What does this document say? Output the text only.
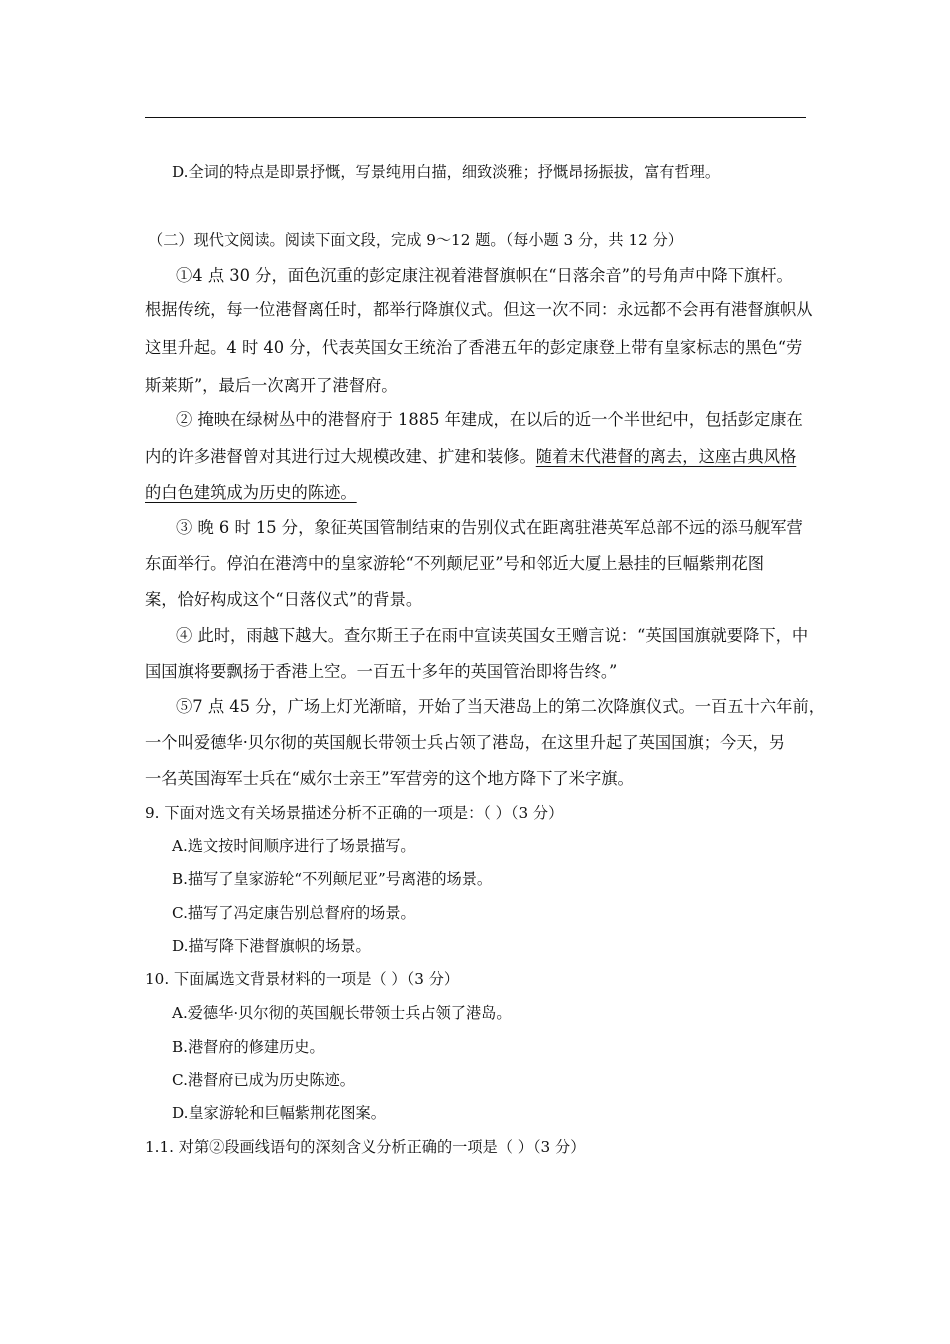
D.全词的特点是即景抒慨，写景纯用白描，细致淡雅；抒慨昂扬振拔，富有哲理。
（二）现代文阅读。阅读下面文段，完成 9～12 题。（每小题 3 分，共 12 分）
①4 点 30 分，面色沉重的彭定康注视着港督旗帜在“日落余音”的号角声中降下旗杆。
根据传统，每一位港督离任时，都举行降旗仪式。但这一次不同：永远都不会再有港督旗帜从
这里升起。4 时 40 分，代表英国女王统治了香港五年的彭定康登上带有皇家标志的黑色“劳
斯莱斯”，最后一次离开了港督府。
② 掩映在绿树丛中的港督府于 1885 年建成，在以后的近一个半世纪中，包括彭定康在
内的许多港督曾对其进行过大规模改建、扩建和装修。随着末代港督的离去，这座古典风格
的白色建筑成为历史的陈迹。
③ 晚 6 时 15 分，象征英国管制结束的告别仪式在距离驻港英军总部不远的添马舰军营
东面举行。停泊在港湾中的皇家游轮“不列颠尼亚”号和邻近大厦上悬挂的巨幅紫荆花图
案，恰好构成这个“日落仪式”的背景。
④ 此时，雨越下越大。查尔斯王子在雨中宣读英国女王赠言说：“英国国旗就要降下，中
国国旗将要飘扬于香港上空。一百五十多年的英国管治即将告终。”
⑤7 点 45 分，广场上灯光渐暗，开始了当天港岛上的第二次降旗仪式。一百五十六年前，
一个叫爱德华·贝尔彻的英国舰长带领士兵占领了港岛，在这里升起了英国国旗；今天，另
一名英国海军士兵在“威尔士亲王”军营旁的这个地方降下了米字旗。
9. 下面对选文有关场景描述分析不正确的一项是：（ ）（3 分）
A.选文按时间顺序进行了场景描写。
B.描写了皇家游轮“不列颠尼亚”号离港的场景。
C.描写了冯定康告别总督府的场景。
D.描写降下港督旗帜的场景。
10. 下面属选文背景材料的一项是（ ）（3 分）
A.爱德华·贝尔彻的英国舰长带领士兵占领了港岛。
B.港督府的修建历史。
C.港督府已成为历史陈迹。
D.皇家游轮和巨幅紫荆花图案。
1.1. 对第②段画线语句的深刻含义分析正确的一项是（ ）（3 分）
